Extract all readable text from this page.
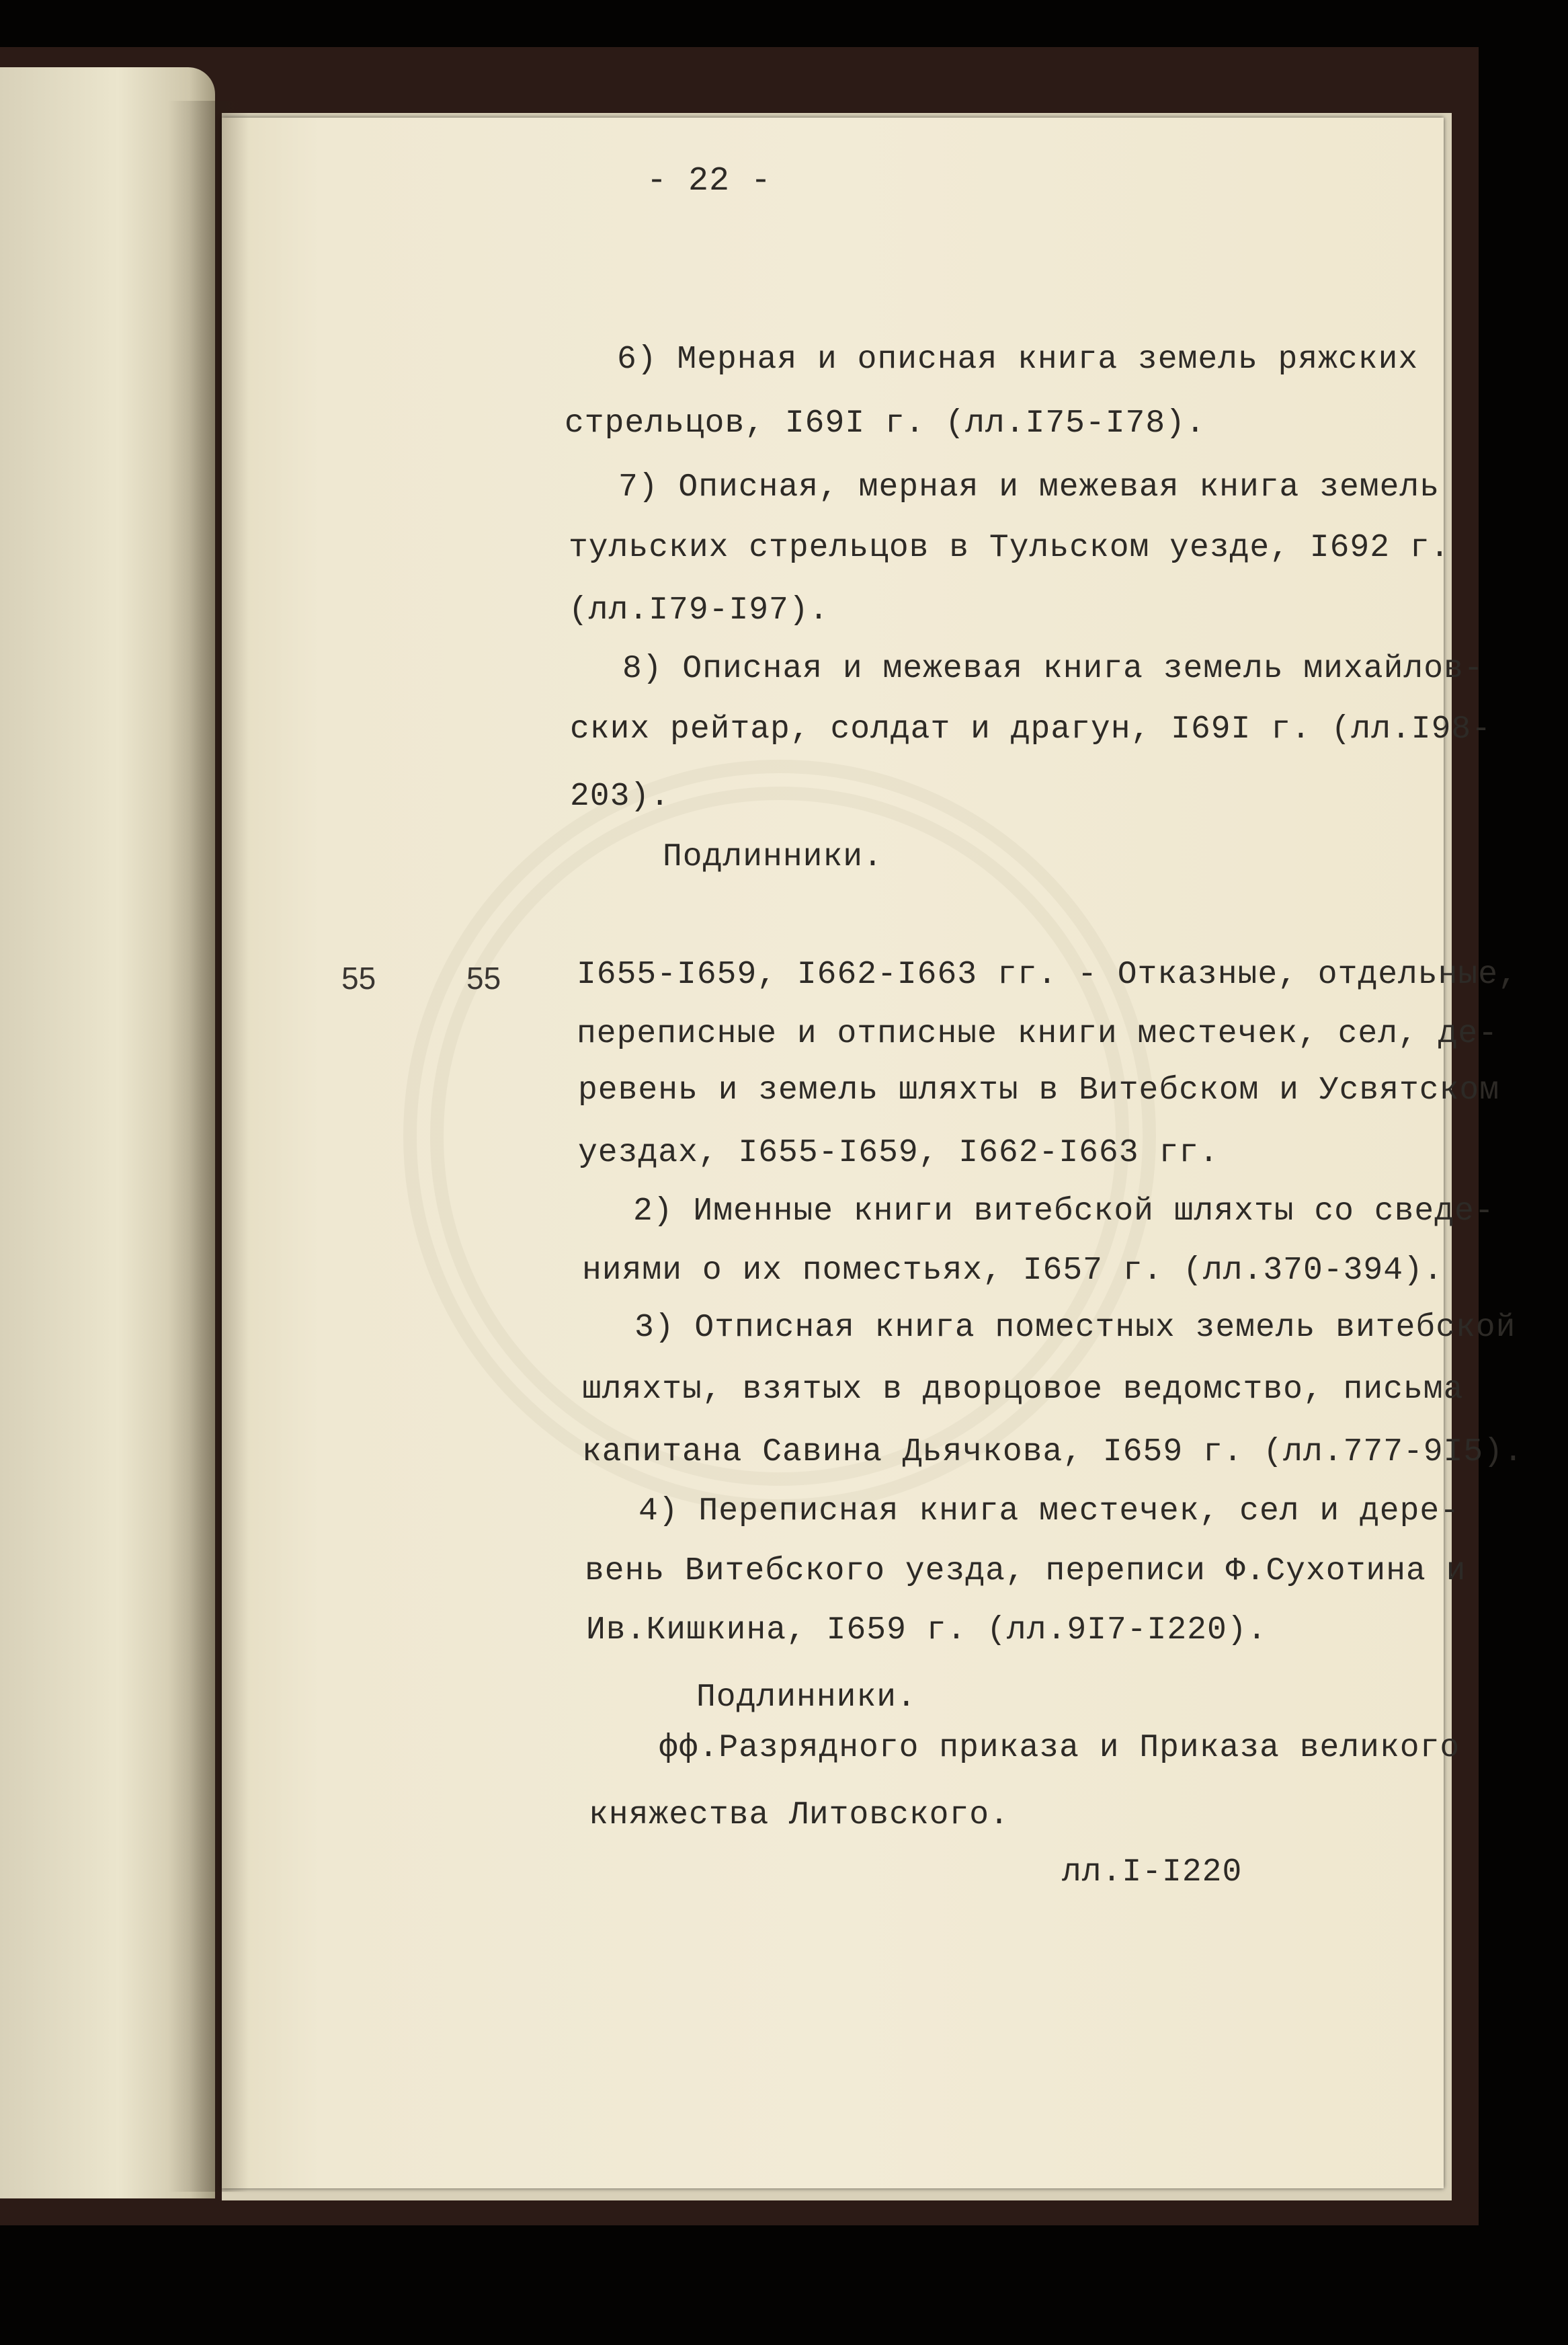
- 22 -

6) Мерная и описная книга земель ряжских

стрельцов, I69I г. (лл.I75-I78).

7) Описная, мерная и межевая книга земель

тульских стрельцов в Тульском уезде, I692 г.

(лл.I79-I97).

8) Описная и межевая книга земель михайлов-

ских рейтар, солдат и драгун, I69I г. (лл.I98-

203).

Подлинники.

55	55 I655-I659, I662-I663 гг. - Отказные, отдельные,

переписные и отписные книги местечек, сел, де-

ревень и земель шляхты в Витебском и Усвятском

уездах, I655-I659, I662-I663 гг.

2) Именные книги витебской шляхты со сведе-

ниями о их поместьях, I657 г. (лл.370-394).

3) Отписная книга поместных земель витебской

шляхты, взятых в дворцовое ведомство, письма

капитана Савина Дьячкова, I659 г. (лл.777-9I5).

4) Переписная книга местечек, сел и дере-

вень Витебского уезда, переписи Ф.Сухотина и

Ив.Кишкина, I659 г. (лл.9I7-I220).

Подлинники.

фф.Разрядного приказа и Приказа великого

княжества Литовского.

лл.I-I220
